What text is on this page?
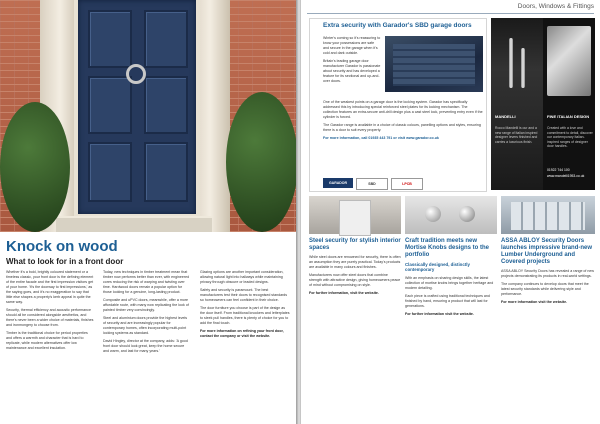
Knock on wood
What to look for in a front door

Whether it's a bold, brightly coloured statement or a timeless classic, your front door is the defining element of the entire facade and the first impression visitors get of your home. 'It's the doorway to first impressions,' as the saying goes, and it's no exaggeration to say that little else shapes a property's kerb appeal in quite the same way.

Security, thermal efficiency and acoustic performance should all be considered alongside aesthetics, and there's never been a wider choice of materials, finishes and ironmongery to choose from.

Timber is the traditional choice for period properties and offers a warmth and character that is hard to replicate, while modern alternatives offer low maintenance and excellent insulation.

Today, new techniques in timber treatment mean that timber now performs better than ever, with engineered cores reducing the risk of warping and twisting over time. Hardwood doors remain a popular option for those looking for a genuine, long-lasting product.

Composite and uPVC doors, meanwhile, offer a more affordable route, with many now replicating the look of painted timber very convincingly.

Steel and aluminium doors provide the highest levels of security and are increasingly popular for contemporary homes, often incorporating multi-point locking systems as standard.

David Hingley, director at the company, adds: 'A good front door should look great, keep the home secure and warm, and last for many years.'

Glazing options are another important consideration, allowing natural light into hallways while maintaining privacy through obscure or leaded designs.

Safety and security is paramount. The best manufacturers test their doors to recognised standards so homeowners can feel confident in their choice.

The door furniture you choose is part of the design as the door itself. From traditional knockers and letterplates to sleek pull handles, there is plenty of choice for you to add the final touch.

For more information on refining your front door, contact the company or visit the website.

Doors, Windows & Fittings
Extra security with Garador's SBD garage doors

Winter's coming so it's reassuring to know your possessions are safe and secure in the garage when it's cold and dark outside.

Britain's leading garage door manufacturer Garador is passionate about security and has developed a feature for its sectional and up-and-over doors.

One of the weakest points on a garage door is the locking system. Garador has specifically addressed this by introducing special reinforced steel plates for its locking mechanism. The collection features an extra-secure anti-drill design plus a cast steel lock, preventing entry even if the cylinder is forced.

The Garador range is available in a choice of classic colours, panelling options and styles, ensuring there is a door to suit every property.

For more information, call 01935 443 791 or visit www.garador.co.uk

GARADOR	SBD	LPCB
MANDELLI	FINE ITALIAN DESIGN
Rocco Mandelli is our and a new range of Italian inspired designer levers finished and carries a luxurious finish.
Created with a love and commitment to detail, discover our contemporary Italian-inspired ranges of designer door handles.
01922 744 100
www.mandelli1953.co.uk
Steel security for stylish interior spaces

While steel doors are renowned for security, there is often an assumption they are purely practical. Today's products are available in many colours and finishes.

Manufacturers now offer steel doors that combine strength with attractive design, giving homeowners peace of mind without compromising on style.

For further information, visit the website.

Craft tradition meets new Mortise Knobs designs to the portfolio

Classically designed, distinctly contemporary

With an emphasis on sharing design skills, the latest collection of mortise knobs brings together heritage and modern detailing.

Each piece is crafted using traditional techniques and finished by hand, ensuring a product that will last for generations.

For further information visit the website.

ASSA ABLOY Security Doors launches impressive brand-new Lumber Underground and Covered projects

ASSA ABLOY Security Doors has revealed a range of new projects demonstrating its products in real-world settings.

The company continues to develop doors that meet the latest security standards while delivering style and performance.

For more information visit the website.
